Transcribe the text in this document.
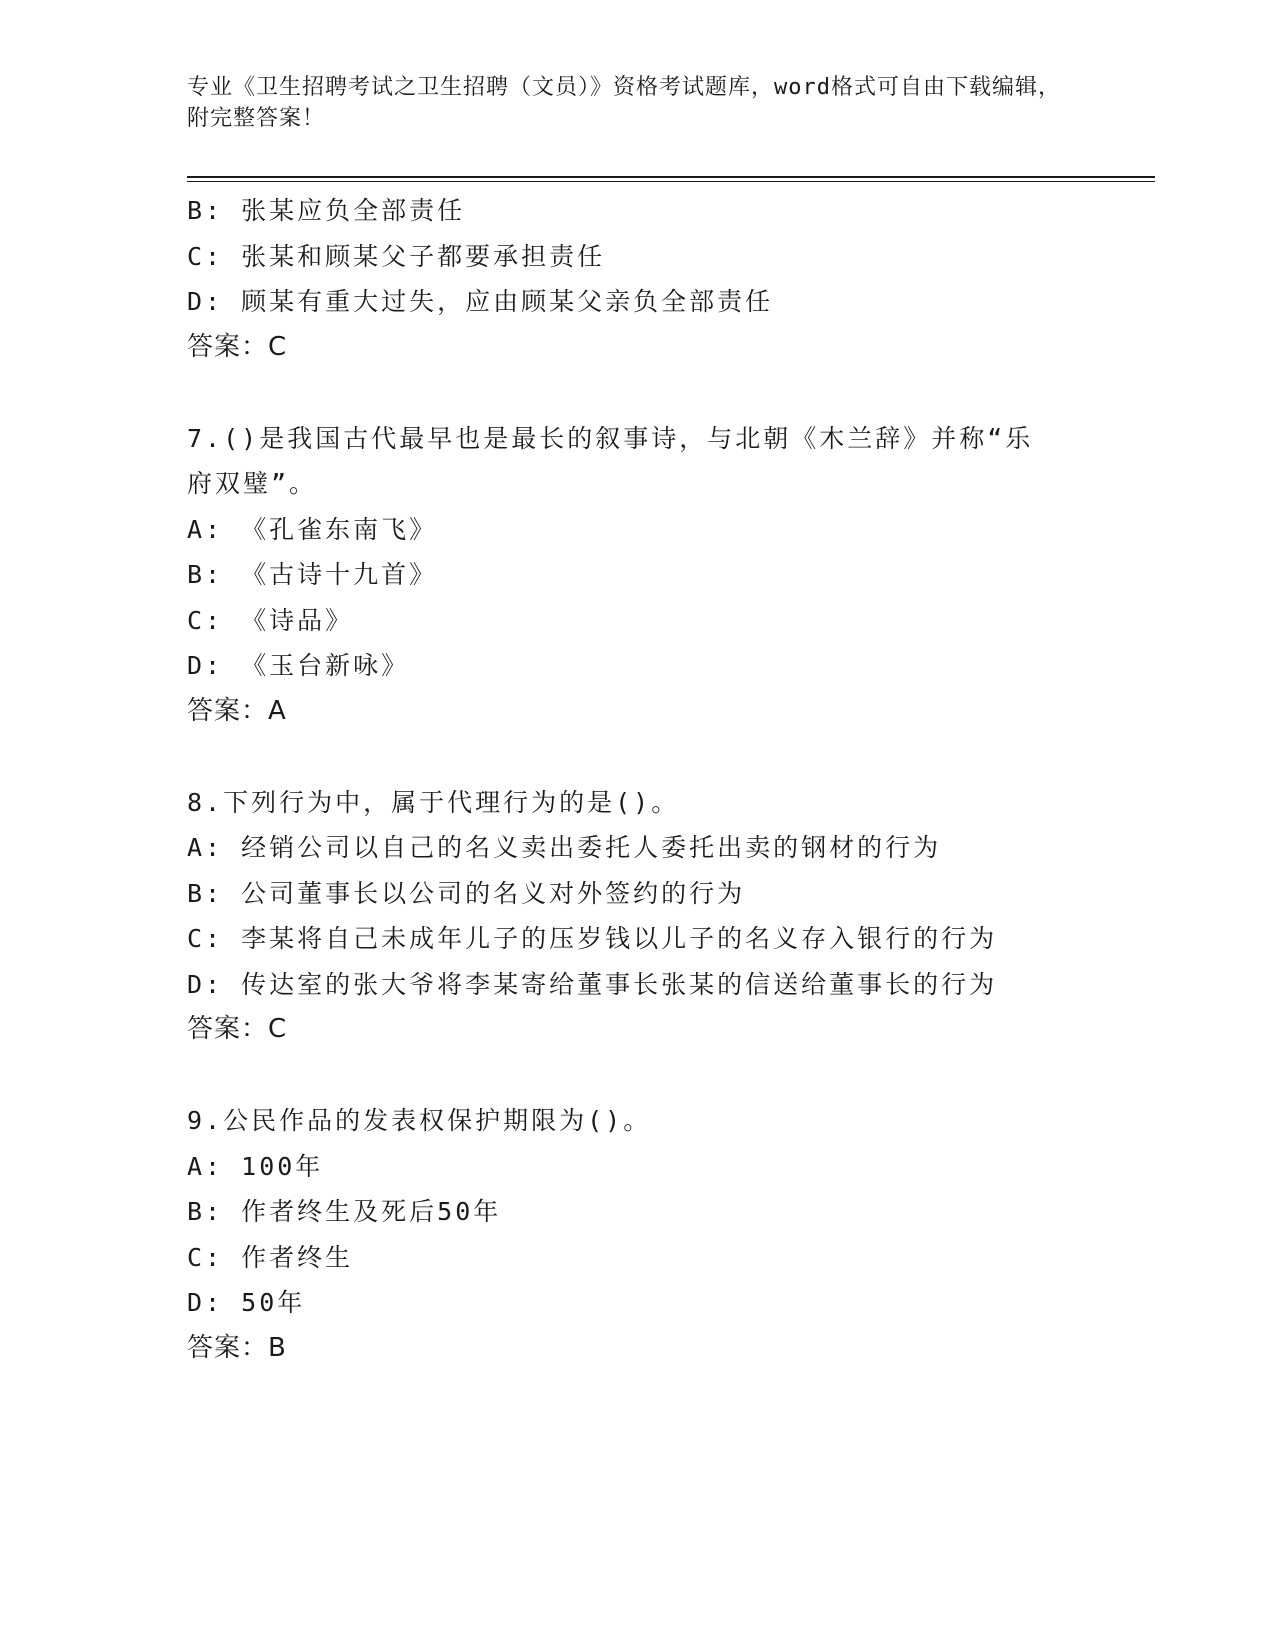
专业《卫生招聘考试之卫生招聘（文员）》资格考试题库，word格式可自由下载编辑，附完整答案！
B: 张某应负全部责任
C: 张某和顾某父子都要承担责任
D: 顾某有重大过失，应由顾某父亲负全部责任
答案：C
7.()是我国古代最早也是最长的叙事诗，与北朝《木兰辞》并称“乐
府双璧”。
A: 《孔雀东南飞》
B: 《古诗十九首》
C: 《诗品》
D: 《玉台新咏》
答案：A
8.下列行为中，属于代理行为的是()。
A: 经销公司以自己的名义卖出委托人委托出卖的钢材的行为
B: 公司董事长以公司的名义对外签约的行为
C: 李某将自己未成年儿子的压岁钱以儿子的名义存入银行的行为
D: 传达室的张大爷将李某寄给董事长张某的信送给董事长的行为
答案：C
9.公民作品的发表权保护期限为()。
A: 100年
B: 作者终生及死后50年
C: 作者终生
D: 50年
答案：B
